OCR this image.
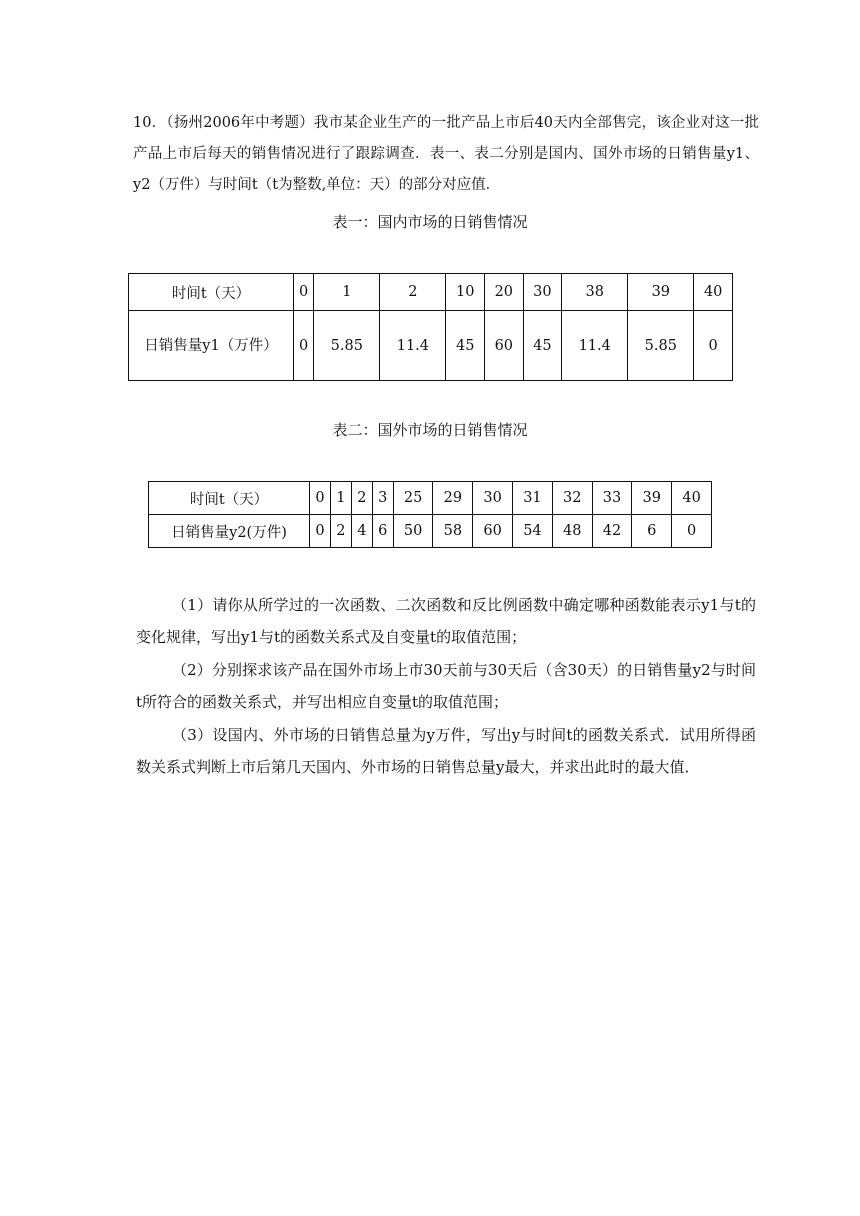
10．（扬州2006年中考题）我市某企业生产的一批产品上市后40天内全部售完，该企业对这一批产品上市后每天的销售情况进行了跟踪调查．表一、表二分别是国内、国外市场的日销售量y1、y2（万件）与时间t（t为整数,单位：天）的部分对应值．

表一：国内市场的日销售情况

时间t（天）	0	1	2	10	20	30	38	39	40
日销售量y1（万件）	0	5.85	11.4	45	60	45	11.4	5.85	0

表二：国外市场的日销售情况

时间t（天）	0	1	2	3	25	29	30	31	32	33	39	40
日销售量y2(万件)	0	2	4	6	50	58	60	54	48	42	6	0

（1）请你从所学过的一次函数、二次函数和反比例函数中确定哪种函数能表示y1与t的变化规律，写出y1与t的函数关系式及自变量t的取值范围；

（2）分别探求该产品在国外市场上市30天前与30天后（含30天）的日销售量y2与时间t所符合的函数关系式，并写出相应自变量t的取值范围；

（3）设国内、外市场的日销售总量为y万件，写出y与时间t的函数关系式．试用所得函数关系式判断上市后第几天国内、外市场的日销售总量y最大，并求出此时的最大值．
